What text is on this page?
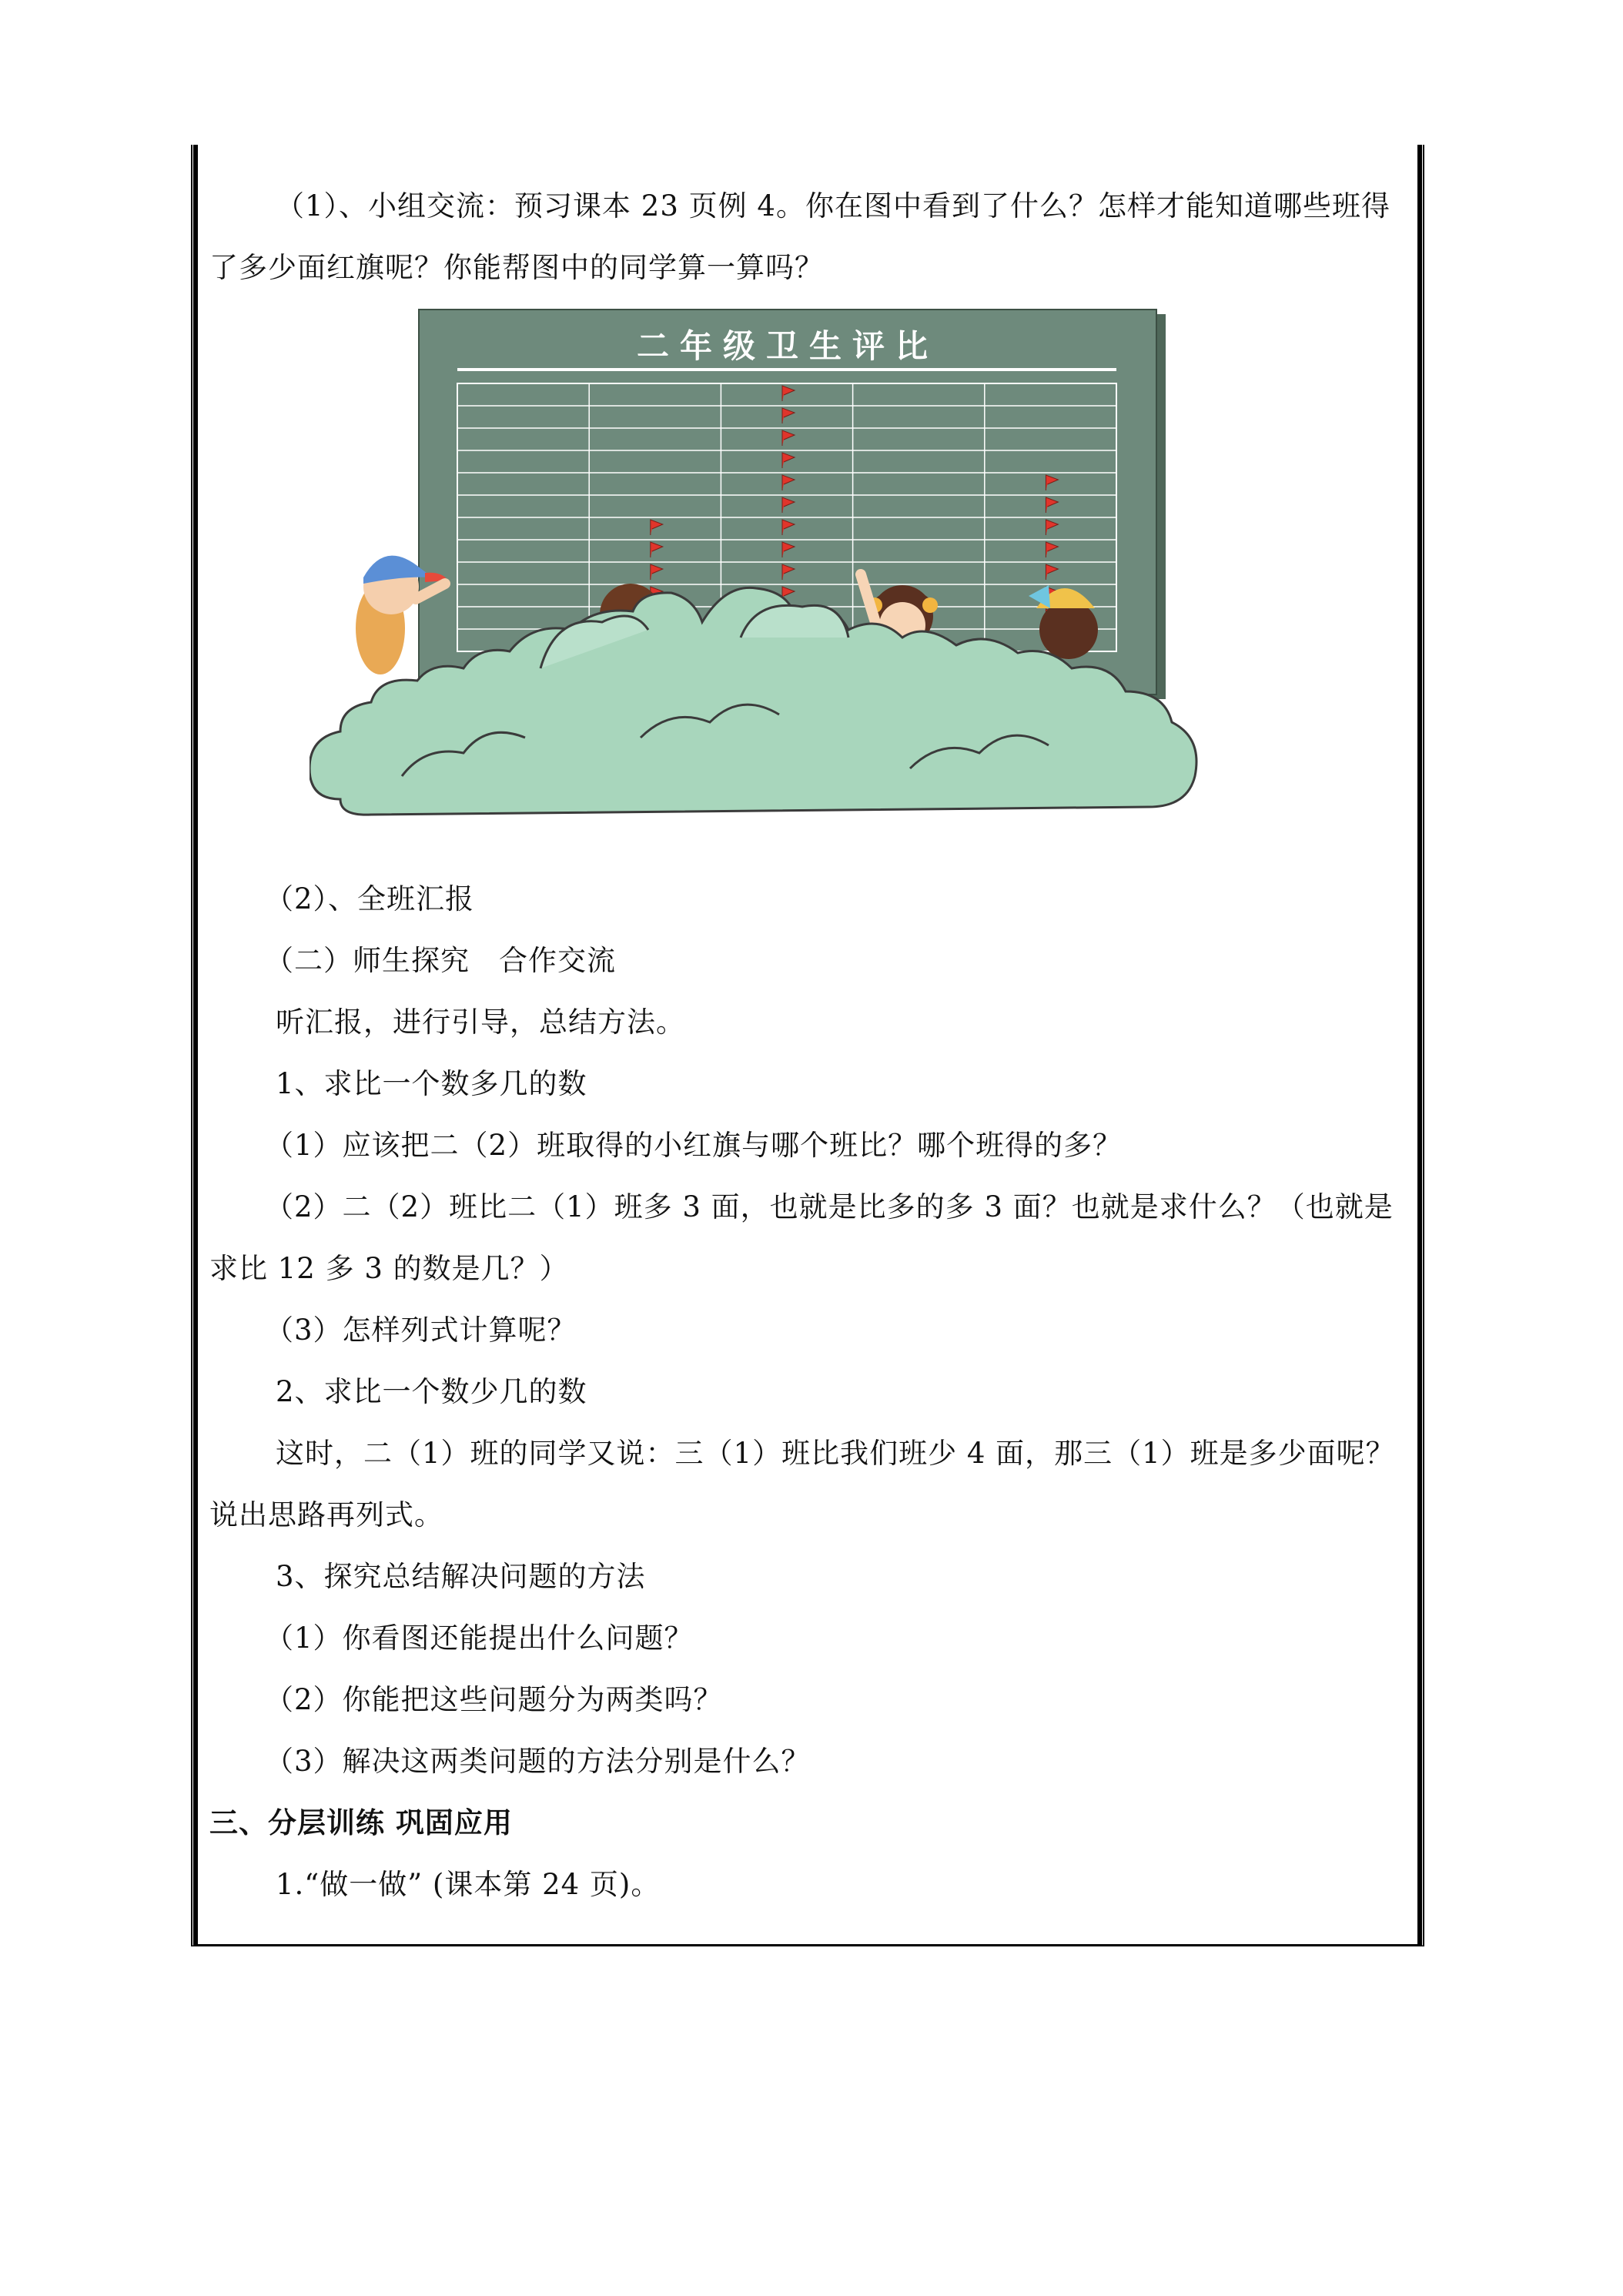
（1）、小组交流：预习课本 23 页例 4。你在图中看到了什么？怎样才能知道哪些班得了多少面红旗呢？你能帮图中的同学算一算吗？

二年级卫生评比

（2）、全班汇报

（二）师生探究　合作交流

听汇报，进行引导，总结方法。

1、求比一个数多几的数

（1）应该把二（2）班取得的小红旗与哪个班比？哪个班得的多？

（2）二（2）班比二（1）班多 3 面，也就是比多的多 3 面？也就是求什么？（也就是求比 12 多 3 的数是几？）

（3）怎样列式计算呢？

2、求比一个数少几的数

这时，二（1）班的同学又说：三（1）班比我们班少 4 面，那三（1）班是多少面呢？说出思路再列式。

3、探究总结解决问题的方法

（1）你看图还能提出什么问题？

（2）你能把这些问题分为两类吗？

（3）解决这两类问题的方法分别是什么？

三、分层训练 巩固应用

1.“做一做” (课本第 24 页)。
